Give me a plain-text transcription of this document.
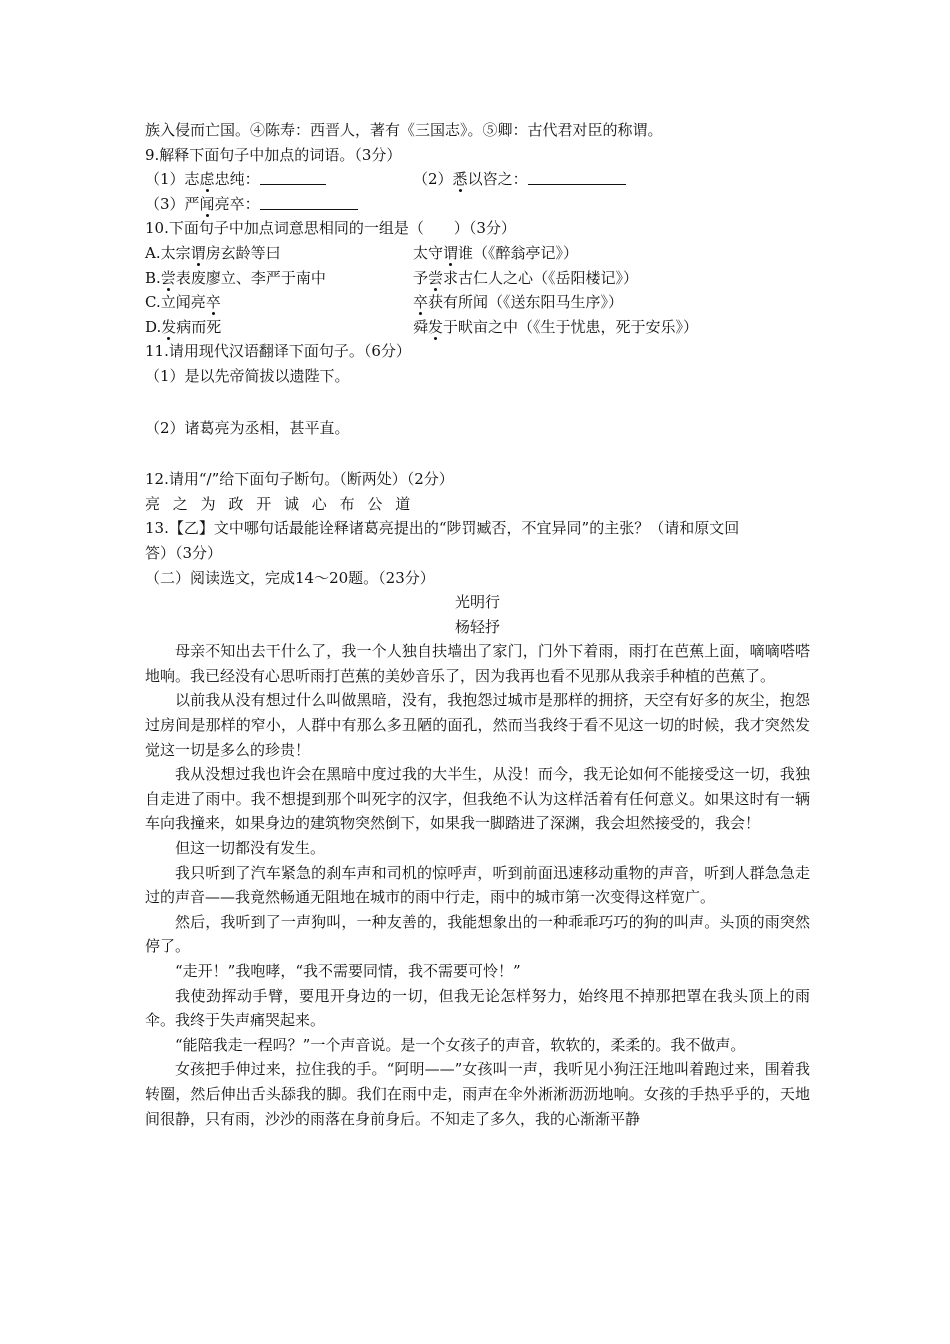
族入侵而亡国。④陈寿：西晋人，著有《三国志》。⑤卿：古代君对臣的称谓。
9.解释下面句子中加点的词语。（3分）
（1）志虑忠纯：	（2）悉以咨之：
（3）严闻亮卒：
10.下面句子中加点词意思相同的一组是（　　）（3分）
A.太宗谓房玄龄等曰	太守谓谁（《醉翁亭记》）
B.尝表废廖立、李严于南中	予尝求古仁人之心（《岳阳楼记》）
C.立闻亮卒	卒获有所闻（《送东阳马生序》）
D.发病而死	舜发于畎亩之中（《生于忧患，死于安乐》）
11.请用现代汉语翻译下面句子。（6分）
（1）是以先帝简拔以遗陛下。
（2）诸葛亮为丞相，甚平直。
12.请用“/”给下面句子断句。（断两处）（2分）
亮之为政开诚心布公道
13.【乙】文中哪句话最能诠释诸葛亮提出的“陟罚臧否，不宜异同”的主张？（请和原文回
答）（3分）
（二）阅读选文，完成14～20题。（23分）
光明行
杨轻抒

母亲不知出去干什么了，我一个人独自扶墙出了家门，门外下着雨，雨打在芭蕉上面，嘀嘀嗒嗒地响。我已经没有心思听雨打芭蕉的美妙音乐了，因为我再也看不见那从我亲手种植的芭蕉了。

以前我从没有想过什么叫做黑暗，没有，我抱怨过城市是那样的拥挤，天空有好多的灰尘，抱怨过房间是那样的窄小，人群中有那么多丑陋的面孔，然而当我终于看不见这一切的时候，我才突然发觉这一切是多么的珍贵！

我从没想过我也许会在黑暗中度过我的大半生，从没！而今，我无论如何不能接受这一切，我独自走进了雨中。我不想提到那个叫死字的汉字，但我绝不认为这样活着有任何意义。如果这时有一辆车向我撞来，如果身边的建筑物突然倒下，如果我一脚踏进了深渊，我会坦然接受的，我会！

但这一切都没有发生。

我只听到了汽车紧急的刹车声和司机的惊呼声，听到前面迅速移动重物的声音，听到人群急急走过的声音——我竟然畅通无阻地在城市的雨中行走，雨中的城市第一次变得这样宽广。

然后，我听到了一声狗叫，一种友善的，我能想象出的一种乖乖巧巧的狗的叫声。头顶的雨突然停了。

“走开！”我咆哮，“我不需要同情，我不需要可怜！”

我使劲挥动手臂，要甩开身边的一切，但我无论怎样努力，始终甩不掉那把罩在我头顶上的雨伞。我终于失声痛哭起来。

“能陪我走一程吗？”一个声音说。是一个女孩子的声音，软软的，柔柔的。我不做声。

女孩把手伸过来，拉住我的手。“阿明——”女孩叫一声，我听见小狗汪汪地叫着跑过来，围着我转圈，然后伸出舌头舔我的脚。我们在雨中走，雨声在伞外淅淅沥沥地响。女孩的手热乎乎的，天地间很静，只有雨，沙沙的雨落在身前身后。不知走了多久，我的心渐渐平静
